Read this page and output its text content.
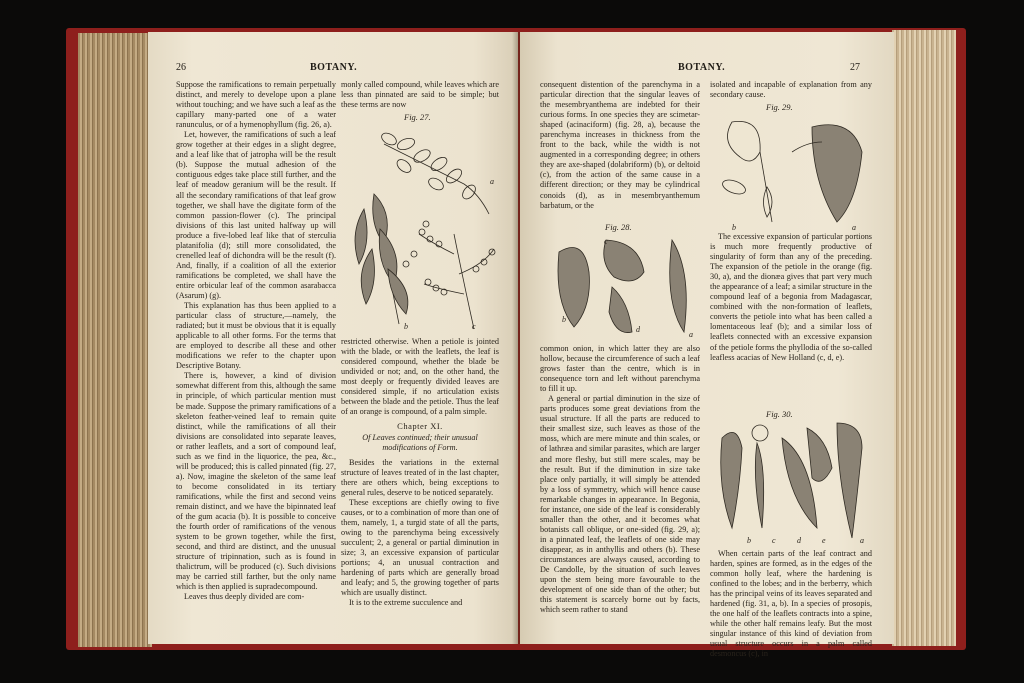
26	BOTANY.

Suppose the ramifications to remain perpetually distinct, and merely to develope upon a plane without touching; and we have such a leaf as the capillary many-parted one of a water ranunculus, or of a hymenophyllum (fig. 26, a).

Let, however, the ramifications of such a leaf grow together at their edges in a slight degree, and a leaf like that of jatropha will be the result (b). Suppose the mutual adhesion of the contiguous edges take place still further, and the leaf of meadow geranium will be the result. If all the secondary ramifications of that leaf grow together, we shall have the digitate form of the common passion-flower (c). The principal divisions of this last united halfway up will produce a five-lobed leaf like that of sterculia platanifolia (d); still more consolidated, the crenelled leaf of dichondra will be the result (f). And, finally, if a coalition of all the exterior ramifications be completed, we shall have the entire orbicular leaf of the common asarabacca (Asarum) (g).

This explanation has thus been applied to a particular class of structure,—namely, the radiated; but it must be obvious that it is equally applicable to all other forms. For the terms that are employed to describe all these and other modifications we refer to the chapter upon Descriptive Botany.

There is, however, a kind of division somewhat different from this, although the same in principle, of which particular mention must be made. Suppose the primary ramifications of a skeleton feather-veined leaf to remain quite distinct, while the ramifications of all their divisions are consolidated into separate leaves, or rather leaflets, and a sort of compound leaf, such as we find in the liquorice, the pea, &c., will be produced; this is called pinnated (fig. 27, a). Now, imagine the skeleton of the same leaf to become consolidated in its tertiary ramifications, while the first and second veins remain distinct, and we have the bipinnated leaf of the gum acacia (b). It is possible to conceive the fourth order of ramifications of the venous system to be grown together, while the first, second, and third are distinct, and the unusual structure of tripinnation, such as is found in thalictrum, will be produced (c). Such divisions may be carried still farther, but the only name which is then applied is supradecompound.

Leaves thus deeply divided are com-

monly called compound, while leaves which are less than pinnated are said to be simple; but these terms are now

Fig. 27.
a
b	c

restricted otherwise. When a petiole is jointed with the blade, or with the leaflets, the leaf is considered compound, whether the blade be undivided or not; and, on the other hand, the most deeply or frequently divided leaves are considered simple, if no articulation exists between the blade and the petiole. Thus the leaf of an orange is compound, of a palm simple.

Chapter XI.
Of Leaves continued; their unusual modifications of Form.

Besides the variations in the external structure of leaves treated of in the last chapter, there are others which, being exceptions to general rules, deserve to be noticed separately.

These exceptions are chiefly owing to five causes, or to a combination of more than one of them, namely, 1, a turgid state of all the parts, owing to the parenchyma being excessively succulent; 2, a general or partial diminution in size; 3, an excessive expansion of particular portions; 4, an unusual contraction and hardening of parts which are generally broad and leafy; and 5, the growing together of parts which are usually distinct.

It is to the extreme succulence and

BOTANY.	27

consequent distention of the parenchyma in a particular direction that the singular leaves of the mesembryanthema are indebted for their curious forms. In one species they are scimetar-shaped (acinaciform) (fig. 28, a), because the parenchyma increases in thickness from the front to the back, while the width is not augmented in a corresponding degree; in others they are axe-shaped (dolabriform) (b), or deltoid (c), from the action of the same cause in a different direction; or they may be cylindrical conoids (d), as in mesembryanthemum barbatum, or the

Fig. 28.
a
b
c
d

common onion, in which latter they are also hollow, because the circumference of such a leaf grows faster than the centre, which is in consequence torn and left without parenchyma to fill it up.

A general or partial diminution in the size of parts produces some great deviations from the usual structure. If all the parts are reduced to their smallest size, such leaves as those of the moss, which are mere minute and thin scales, or of lathræa and similar parasites, which are larger and more fleshy, but still mere scales, may be the result. But if the diminution in size take place only partially, it will simply be attended by a loss of symmetry, which will hence cause remarkable changes in appearance. In Begonia, for instance, one side of the leaf is considerably smaller than the other, and it becomes what botanists call oblique, or one-sided (fig. 29, a); in a pinnated leaf, the leaflets of one side may disappear, as in anthyllis and others (b). These circumstances are always caused, according to De Candolle, by the situation of such leaves upon the stem being more favourable to the development of one side than of the other; but this statement is scarcely borne out by facts, which seem rather to stand

isolated and incapable of explanation from any secondary cause.

Fig. 29.
b	a

The excessive expansion of particular portions is much more frequently productive of singularity of form than any of the preceding. The expansion of the petiole in the orange (fig. 30, a), and the dionæa gives that part very much the appearance of a leaf; a similar structure in the compound leaf of a begonia from Madagascar, combined with the non-formation of leaflets, converts the petiole into what has been called a lomentaceous leaf (b); and a similar loss of leaflets connected with an excessive expansion of the petiole forms the phyllodia of the so-called leafless acacias of New Holland (c, d, e).

Fig. 30.
b	c	d	e	a

When certain parts of the leaf contract and harden, spines are formed, as in the edges of the common holly leaf, where the hardening is confined to the lobes; and in the berberry, which has the principal veins of its leaves separated and hardened (fig. 31, a, b). In a species of prosopis, the one half of the leaflets contracts into a spine, while the other half remains leafy. But the most singular instance of this kind of deviation from usual structure occurs in a palm called desmoncus (c), in
